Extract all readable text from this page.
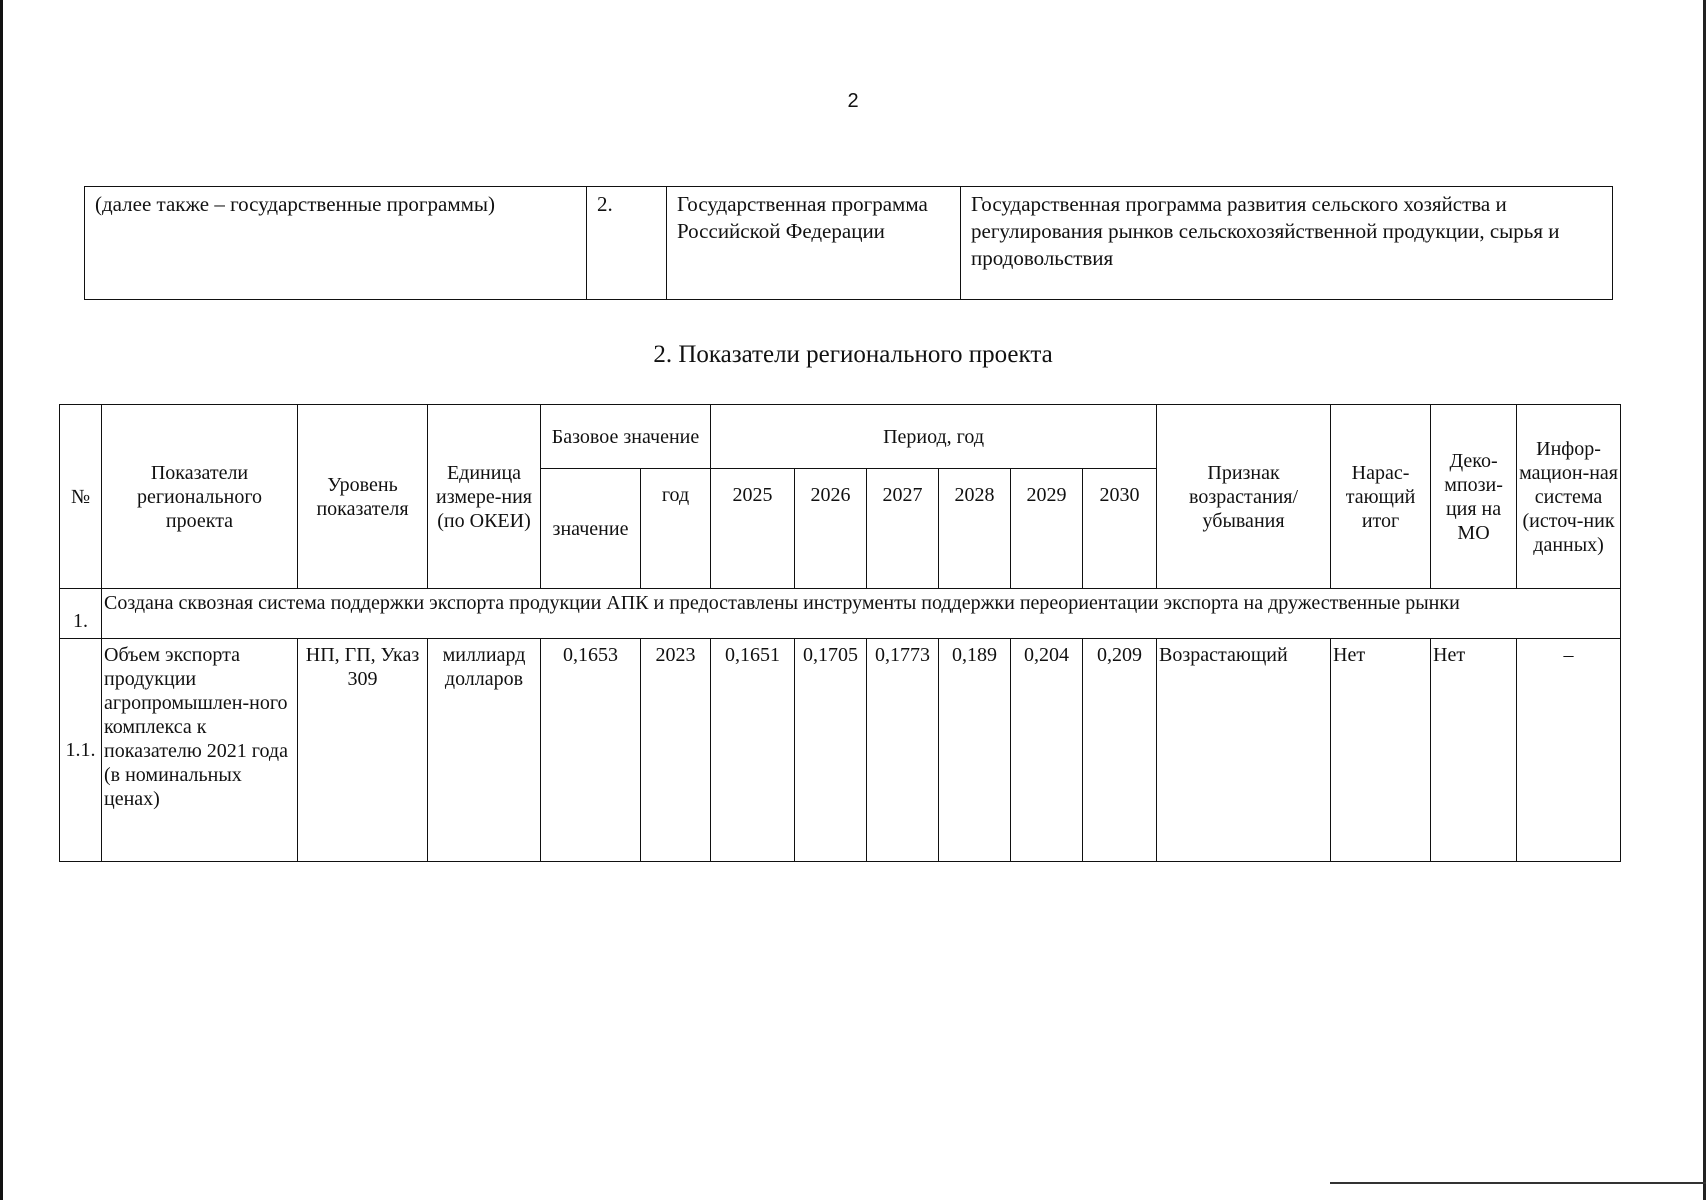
2
(далее также – государственные программы)	2.	Государственная программа Российской Федерации	Государственная программа развития сельского хозяйства и регулирования рынков сельскохозяйственной продукции, сырья и продовольствия
2. Показатели регионального проекта
№	Показатели регионального проекта	Уровень показателя	Единица измере-ния (по ОКЕИ)	Базовое значение		Период, год						Признак возрастания/ убывания	Нарас-тающий итог	Деко-мпози-ция на МО	Инфор-мацион-ная система (источ-ник данных)
				значение	год	2025	2026	2027	2028	2029	2030				
1.	Создана сквозная система поддержки экспорта продукции АПК и предоставлены инструменты поддержки переориентации экспорта на дружественные рынки														
1.1.	Объем экспорта продукции агропромышлен-ного комплекса к показателю 2021 года (в номинальных ценах)	НП, ГП, Указ 309	миллиард долларов	0,1653	2023	0,1651	0,1705	0,1773	0,189	0,204	0,209	Возрастающий	Нет	Нет	–
